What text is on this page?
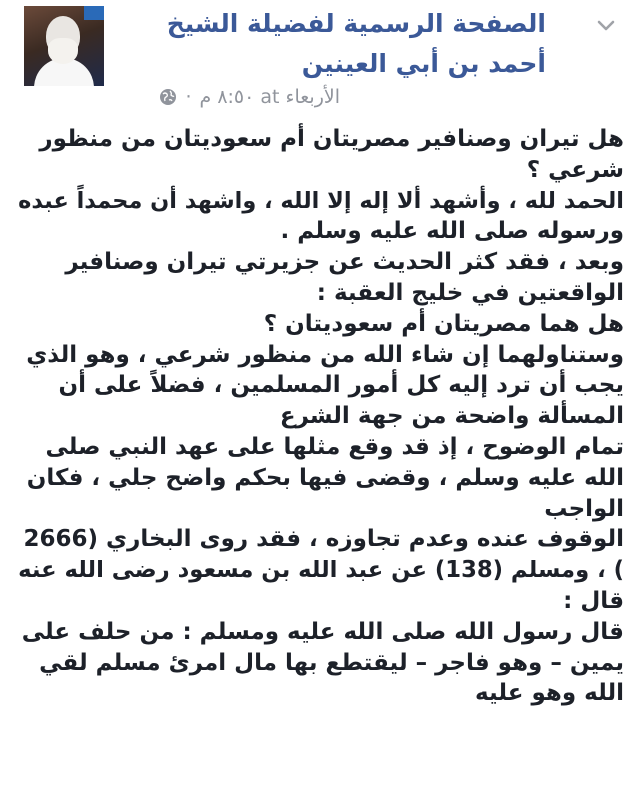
الصفحة الرسمية لفضيلة الشيخ أحمد بن أبي العينين
الأربعاء at ٨:٥٠ م
·
هل تيران وصنافير مصريتان أم سعوديتان من منظور
شرعي ؟
الحمد لله ، وأشهد ألا إله إلا الله ، واشهد أن محمداً عبده
ورسوله صلى الله عليه وسلم .
وبعد ، فقد كثر الحديث عن جزيرتي تيران وصنافير
الواقعتين في خليج العقبة :
هل هما مصريتان أم سعوديتان ؟
وستناولهما إن شاء الله من منظور شرعي ، وهو الذي
يجب أن ترد إليه كل أمور المسلمين ، فضلاً على أن
المسألة واضحة من جهة الشرع
تمام الوضوح ، إذ قد وقع مثلها على عهد النبي صلى
الله عليه وسلم ، وقضى فيها بحكم واضح جلي ، فكان
الواجب
الوقوف عنده وعدم تجاوزه ، فقد روى البخاري (2666
) ، ومسلم (138) عن عبد الله بن مسعود رضى الله عنه
قال :
قال رسول الله صلى الله عليه ومسلم : من حلف على
يمين – وهو فاجر – ليقتطع بها مال امرئ مسلم لقي
الله وهو عليه
